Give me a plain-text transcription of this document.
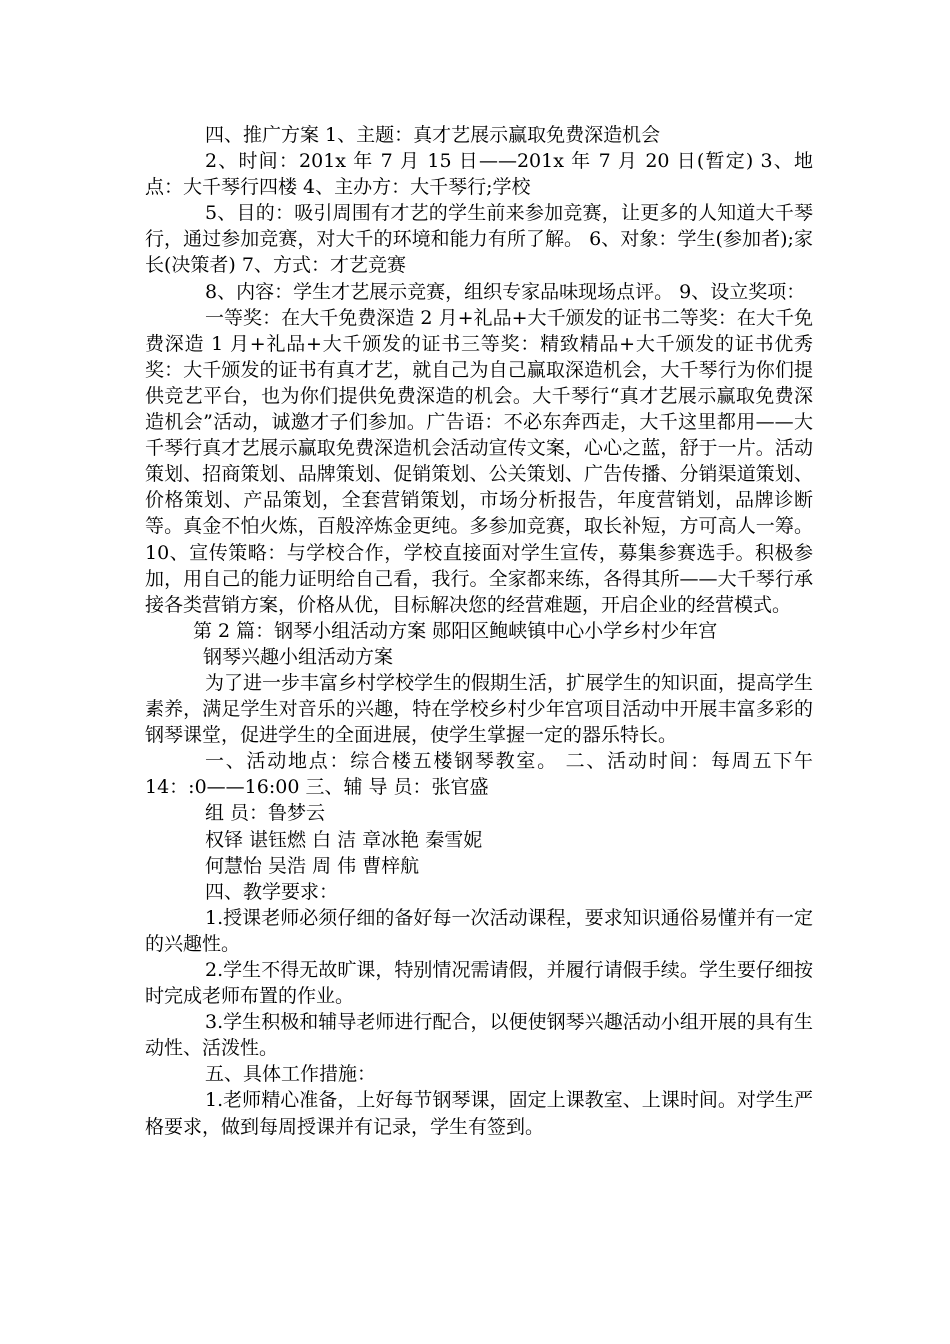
四、推广方案 1、主题：真才艺展示赢取免费深造机会

2、时间：201x 年 7 月 15 日——201x 年 7 月 20 日(暂定) 3、地点：大千琴行四楼 4、主办方：大千琴行;学校

5、目的：吸引周围有才艺的学生前来参加竞赛，让更多的人知道大千琴行，通过参加竞赛，对大千的环境和能力有所了解。 6、对象：学生(参加者);家长(决策者) 7、方式：才艺竞赛

8、内容：学生才艺展示竞赛，组织专家品味现场点评。 9、设立奖项：

一等奖：在大千免费深造 2 月+礼品+大千颁发的证书二等奖：在大千免费深造 1 月+礼品+大千颁发的证书三等奖：精致精品+大千颁发的证书优秀奖：大千颁发的证书有真才艺，就自己为自己赢取深造机会，大千琴行为你们提供竞艺平台，也为你们提供免费深造的机会。大千琴行“真才艺展示赢取免费深造机会”活动，诚邀才子们参加。广告语：不必东奔西走，大千这里都用——大千琴行真才艺展示赢取免费深造机会活动宣传文案，心心之蓝，舒于一片。活动策划、招商策划、品牌策划、促销策划、公关策划、广告传播、分销渠道策划、价格策划、产品策划，全套营销策划，市场分析报告，年度营销划，品牌诊断等。真金不怕火炼，百般淬炼金更纯。多参加竞赛，取长补短，方可高人一筹。 10、宣传策略：与学校合作，学校直接面对学生宣传，募集参赛选手。积极参加，用自己的能力证明给自己看，我行。全家都来练，各得其所——大千琴行承接各类营销方案，价格从优，目标解决您的经营难题，开启企业的经营模式。

第 2 篇：钢琴小组活动方案 郧阳区鲍峡镇中心小学乡村少年宫

钢琴兴趣小组活动方案

为了进一步丰富乡村学校学生的假期生活，扩展学生的知识面，提高学生素养，满足学生对音乐的兴趣，特在学校乡村少年宫项目活动中开展丰富多彩的钢琴课堂，促进学生的全面进展，使学生掌握一定的器乐特长。

一、活动地点：综合楼五楼钢琴教室。 二、活动时间：每周五下午 14：:0——16:00 三、辅 导 员：张官盛

组 员：鲁梦云

权铎 谌钰燃 白 洁 章冰艳 秦雪妮

何慧怡 吴浩 周 伟 曹梓航

四、教学要求：

1.授课老师必须仔细的备好每一次活动课程，要求知识通俗易懂并有一定的兴趣性。

2.学生不得无故旷课，特别情况需请假，并履行请假手续。学生要仔细按时完成老师布置的作业。

3.学生积极和辅导老师进行配合，以便使钢琴兴趣活动小组开展的具有生动性、活泼性。

五、具体工作措施：

1.老师精心准备，上好每节钢琴课，固定上课教室、上课时间。对学生严格要求，做到每周授课并有记录，学生有签到。
